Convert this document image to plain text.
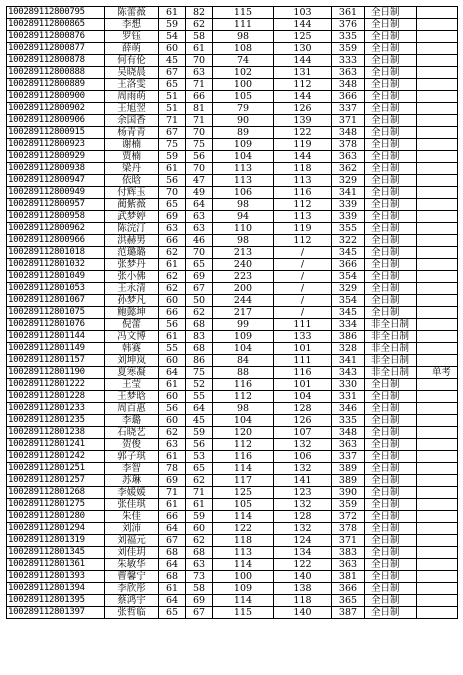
100289112800795	陈蕾薇	61	82	115	103	361	全日制	
100289112800865	李想	59	62	111	144	376	全日制	
100289112800876	罗钰	54	58	98	125	335	全日制	
100289112800877	薛萌	60	61	108	130	359	全日制	
100289112800878	何有伦	45	70	74	144	333	全日制	
100289112800888	吴晓晨	67	63	102	131	363	全日制	
100289112800889	王洛雯	65	71	100	112	348	全日制	
100289112800900	周雨萌	51	66	105	144	366	全日制	
100289112800902	王旭翌	51	81	79	126	337	全日制	
100289112800906	余国香	71	71	90	139	371	全日制	
100289112800915	杨青青	67	70	89	122	348	全日制	
100289112800923	谢楠	75	75	109	119	378	全日制	
100289112800929	贾楠	59	56	104	144	363	全日制	
100289112800938	梁丹	61	70	113	118	362	全日制	
100289112800947	依晗	56	47	113	113	329	全日制	
100289112800949	付辉玉	70	49	106	116	341	全日制	
100289112800957	蔺紫薇	65	64	98	112	339	全日制	
100289112800958	武梦婷	69	63	94	113	339	全日制	
100289112800962	陈浣汀	63	63	110	119	355	全日制	
100289112800966	洪赫男	66	46	98	112	322	全日制	
100289112801018	范璐璐	62	70	213	/	345	全日制	
100289112801032	张梦丹	61	65	240	/	366	全日制	
100289112801049	张小佛	62	69	223	/	354	全日制	
100289112801053	王永清	62	67	200	/	329	全日制	
100289112801067	孙梦凡	60	50	244	/	354	全日制	
100289112801075	鲍懿坤	66	62	217	/	345	全日制	
100289112801076	倪蕾	56	68	99	111	334	非全日制	
100289112801144	冯文博	61	83	109	133	386	非全日制	
100289112801149	韩赛	55	68	104	101	328	非全日制	
100289112801157	刘坤岚	60	86	84	111	341	非全日制	
100289112801190	夏寒凝	64	75	88	116	343	非全日制	单考
100289112801222	王莹	61	52	116	101	330	全日制	
100289112801228	王梦晗	60	55	112	104	331	全日制	
100289112801233	周百惠	56	64	98	128	346	全日制	
100289112801235	李璐	60	45	104	126	335	全日制	
100289112801238	石晓艺	62	59	120	107	348	全日制	
100289112801241	贺俊	63	56	112	132	363	全日制	
100289112801242	郭子琪	61	53	116	106	337	全日制	
100289112801251	李智	78	65	114	132	389	全日制	
100289112801257	苏琳	69	62	117	141	389	全日制	
100289112801268	李媛媛	71	71	125	123	390	全日制	
100289112801275	张佳琪	61	61	105	132	359	全日制	
100289112801280	朱佳	66	59	114	128	372	全日制	
100289112801294	刘沛	64	60	122	132	378	全日制	
100289112801319	刘福元	67	62	118	124	371	全日制	
100289112801345	刘佳玥	68	68	113	134	383	全日制	
100289112801361	朱敏华	64	63	114	122	363	全日制	
100289112801393	曹馨宁	68	73	100	140	381	全日制	
100289112801394	李欣彤	61	58	109	138	366	全日制	
100289112801395	蔡鸿宇	64	69	114	118	365	全日制	
100289112801397	张哲临	65	67	115	140	387	全日制	
